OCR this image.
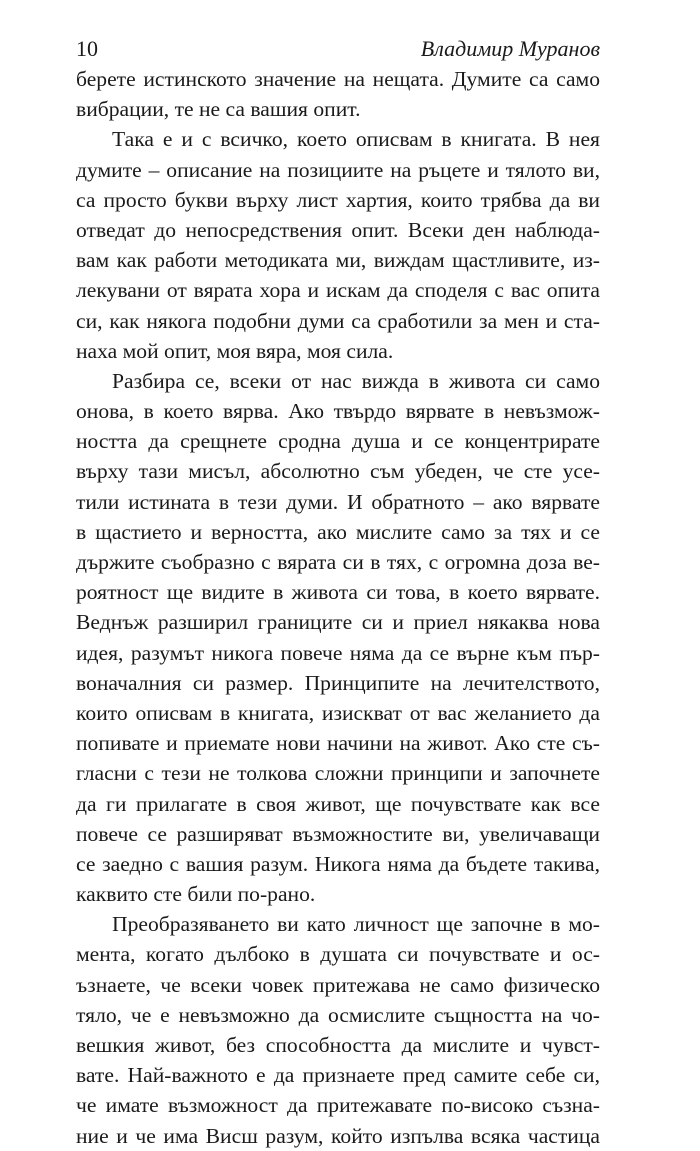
10	Владимир Муранов
берете истинското значение на нещата. Думите са само
вибрации, те не са вашия опит.
Така е и с всичко, което описвам в книгата. В нея
думите – описание на позициите на ръцете и тялото ви,
са просто букви върху лист хартия, които трябва да ви
отведат до непосредствения опит. Всеки ден наблюда-
вам как работи методиката ми, виждам щастливите, из-
лекувани от вярата хора и искам да споделя с вас опита
си, как някога подобни думи са сработили за мен и ста-
наха мой опит, моя вяра, моя сила.
Разбира се, всеки от нас вижда в живота си само
онова, в което вярва. Ако твърдо вярвате в невъзмож-
ността да срещнете сродна душа и се концентрирате
върху тази мисъл, абсолютно съм убеден, че сте усе-
тили истината в тези думи. И обратното – ако вярвате
в щастието и верността, ако мислите само за тях и се
държите съобразно с вярата си в тях, с огромна доза ве-
роятност ще видите в живота си това, в което вярвате.
Веднъж разширил границите си и приел някаква нова
идея, разумът никога повече няма да се върне към пър-
воначалния си размер. Принципите на лечителството,
които описвам в книгата, изискват от вас желанието да
попивате и приемате нови начини на живот. Ако сте съ-
гласни с тези не толкова сложни принципи и започнете
да ги прилагате в своя живот, ще почувствате как все
повече се разширяват възможностите ви, увеличаващи
се заедно с вашия разум. Никога няма да бъдете такива,
каквито сте били по-рано.
Преобразяването ви като личност ще започне в мо-
мента, когато дълбоко в душата си почувствате и ос-
ъзнаете, че всеки човек притежава не само физическо
тяло, че е невъзможно да осмислите същността на чо-
вешкия живот, без способността да мислите и чувст-
вате. Най-важното е да признаете пред самите себе си,
че имате възможност да притежавате по-високо съзна-
ние и че има Висш разум, който изпълва всяка частица
